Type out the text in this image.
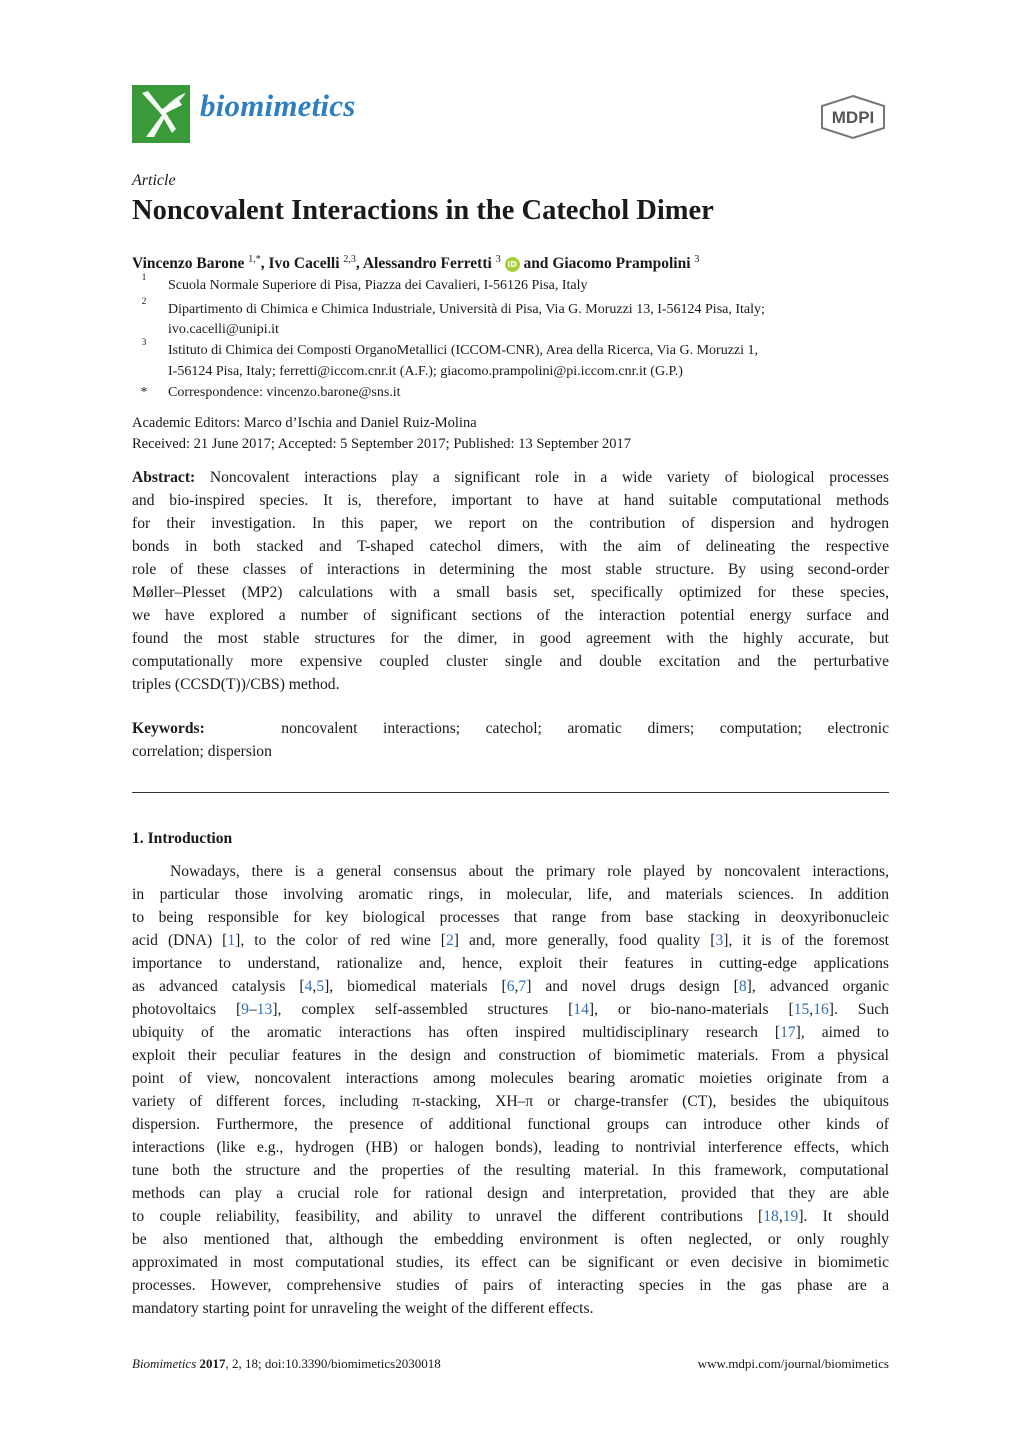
biomimetics	MDPI
Article
Noncovalent Interactions in the Catechol Dimer
Vincenzo Barone $^{1,*}$, Ivo Cacelli $^{2,3}$, Alessandro Ferretti $^3$ iD and Giacomo Prampolini $^3$
1	Scuola Normale Superiore di Pisa, Piazza dei Cavalieri, I-56126 Pisa, Italy
2	Dipartimento di Chimica e Chimica Industriale, Università di Pisa, Via G. Moruzzi 13, I-56124 Pisa, Italy;
ivo.cacelli@unipi.it
3	Istituto di Chimica dei Composti OrganoMetallici (ICCOM-CNR), Area della Ricerca, Via G. Moruzzi 1,
I-56124 Pisa, Italy; ferretti@iccom.cnr.it (A.F.); giacomo.prampolini@pi.iccom.cnr.it (G.P.)
*	Correspondence: vincenzo.barone@sns.it
Academic Editors: Marco d’Ischia and Daniel Ruiz-Molina
Received: 21 June 2017; Accepted: 5 September 2017; Published: 13 September 2017
Abstract: Noncovalent interactions play a significant role in a wide variety of biological processes
and bio-inspired species. It is, therefore, important to have at hand suitable computational methods
for their investigation. In this paper, we report on the contribution of dispersion and hydrogen
bonds in both stacked and T-shaped catechol dimers, with the aim of delineating the respective
role of these classes of interactions in determining the most stable structure. By using second-order
Møller–Plesset (MP2) calculations with a small basis set, specifically optimized for these species,
we have explored a number of significant sections of the interaction potential energy surface and
found the most stable structures for the dimer, in good agreement with the highly accurate, but
computationally more expensive coupled cluster single and double excitation and the perturbative
triples (CCSD(T))/CBS) method.
Keywords:	noncovalent interactions; catechol; aromatic dimers; computation; electronic
correlation; dispersion
1. Introduction
Nowadays, there is a general consensus about the primary role played by noncovalent interactions,
in particular those involving aromatic rings, in molecular, life, and materials sciences. In addition
to being responsible for key biological processes that range from base stacking in deoxyribonucleic
acid (DNA) [1], to the color of red wine [2] and, more generally, food quality [3], it is of the foremost
importance to understand, rationalize and, hence, exploit their features in cutting-edge applications
as advanced catalysis [4,5], biomedical materials [6,7] and novel drugs design [8], advanced organic
photovoltaics [9–13], complex self-assembled structures [14], or bio-nano-materials [15,16]. Such
ubiquity of the aromatic interactions has often inspired multidisciplinary research [17], aimed to
exploit their peculiar features in the design and construction of biomimetic materials. From a physical
point of view, noncovalent interactions among molecules bearing aromatic moieties originate from a
variety of different forces, including π-stacking, XH–π or charge-transfer (CT), besides the ubiquitous
dispersion. Furthermore, the presence of additional functional groups can introduce other kinds of
interactions (like e.g., hydrogen (HB) or halogen bonds), leading to nontrivial interference effects, which
tune both the structure and the properties of the resulting material. In this framework, computational
methods can play a crucial role for rational design and interpretation, provided that they are able
to couple reliability, feasibility, and ability to unravel the different contributions [18,19]. It should
be also mentioned that, although the embedding environment is often neglected, or only roughly
approximated in most computational studies, its effect can be significant or even decisive in biomimetic
processes. However, comprehensive studies of pairs of interacting species in the gas phase are a
mandatory starting point for unraveling the weight of the different effects.
Biomimetics 2017, 2, 18; doi:10.3390/biomimetics2030018	www.mdpi.com/journal/biomimetics
